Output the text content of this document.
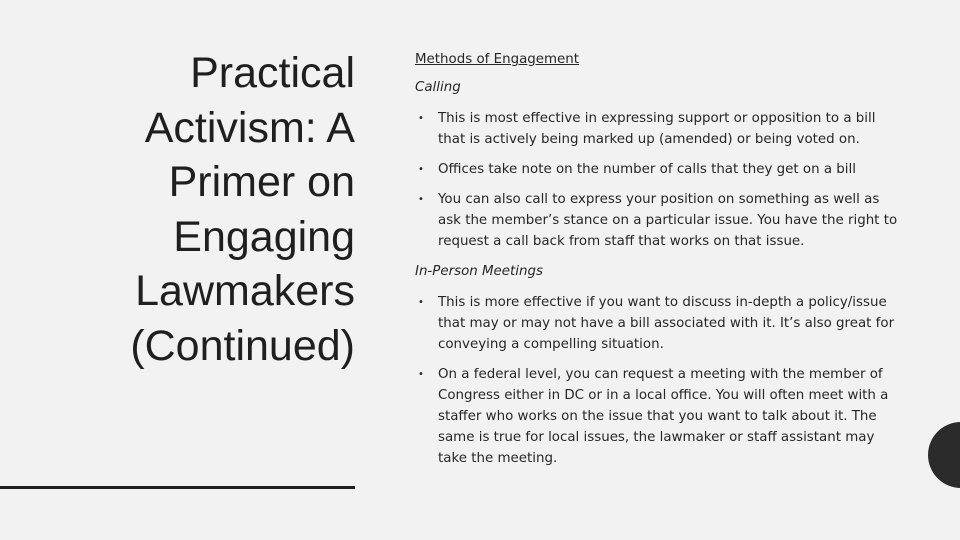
Practical
Activism: A
Primer on
Engaging
Lawmakers
(Continued)
Methods of Engagement
Calling
• This is most effective in expressing support or opposition to a bill that is actively being marked up (amended) or being voted on.
• Offices take note on the number of calls that they get on a bill
• You can also call to express your position on something as well as ask the member’s stance on a particular issue. You have the right to request a call back from staff that works on that issue.
In-Person Meetings
• This is more effective if you want to discuss in-depth a policy/issue that may or may not have a bill associated with it. It’s also great for conveying a compelling situation.
• On a federal level, you can request a meeting with the member of Congress either in DC or in a local office. You will often meet with a staffer who works on the issue that you want to talk about it. The same is true for local issues, the lawmaker or staff assistant may take the meeting.
